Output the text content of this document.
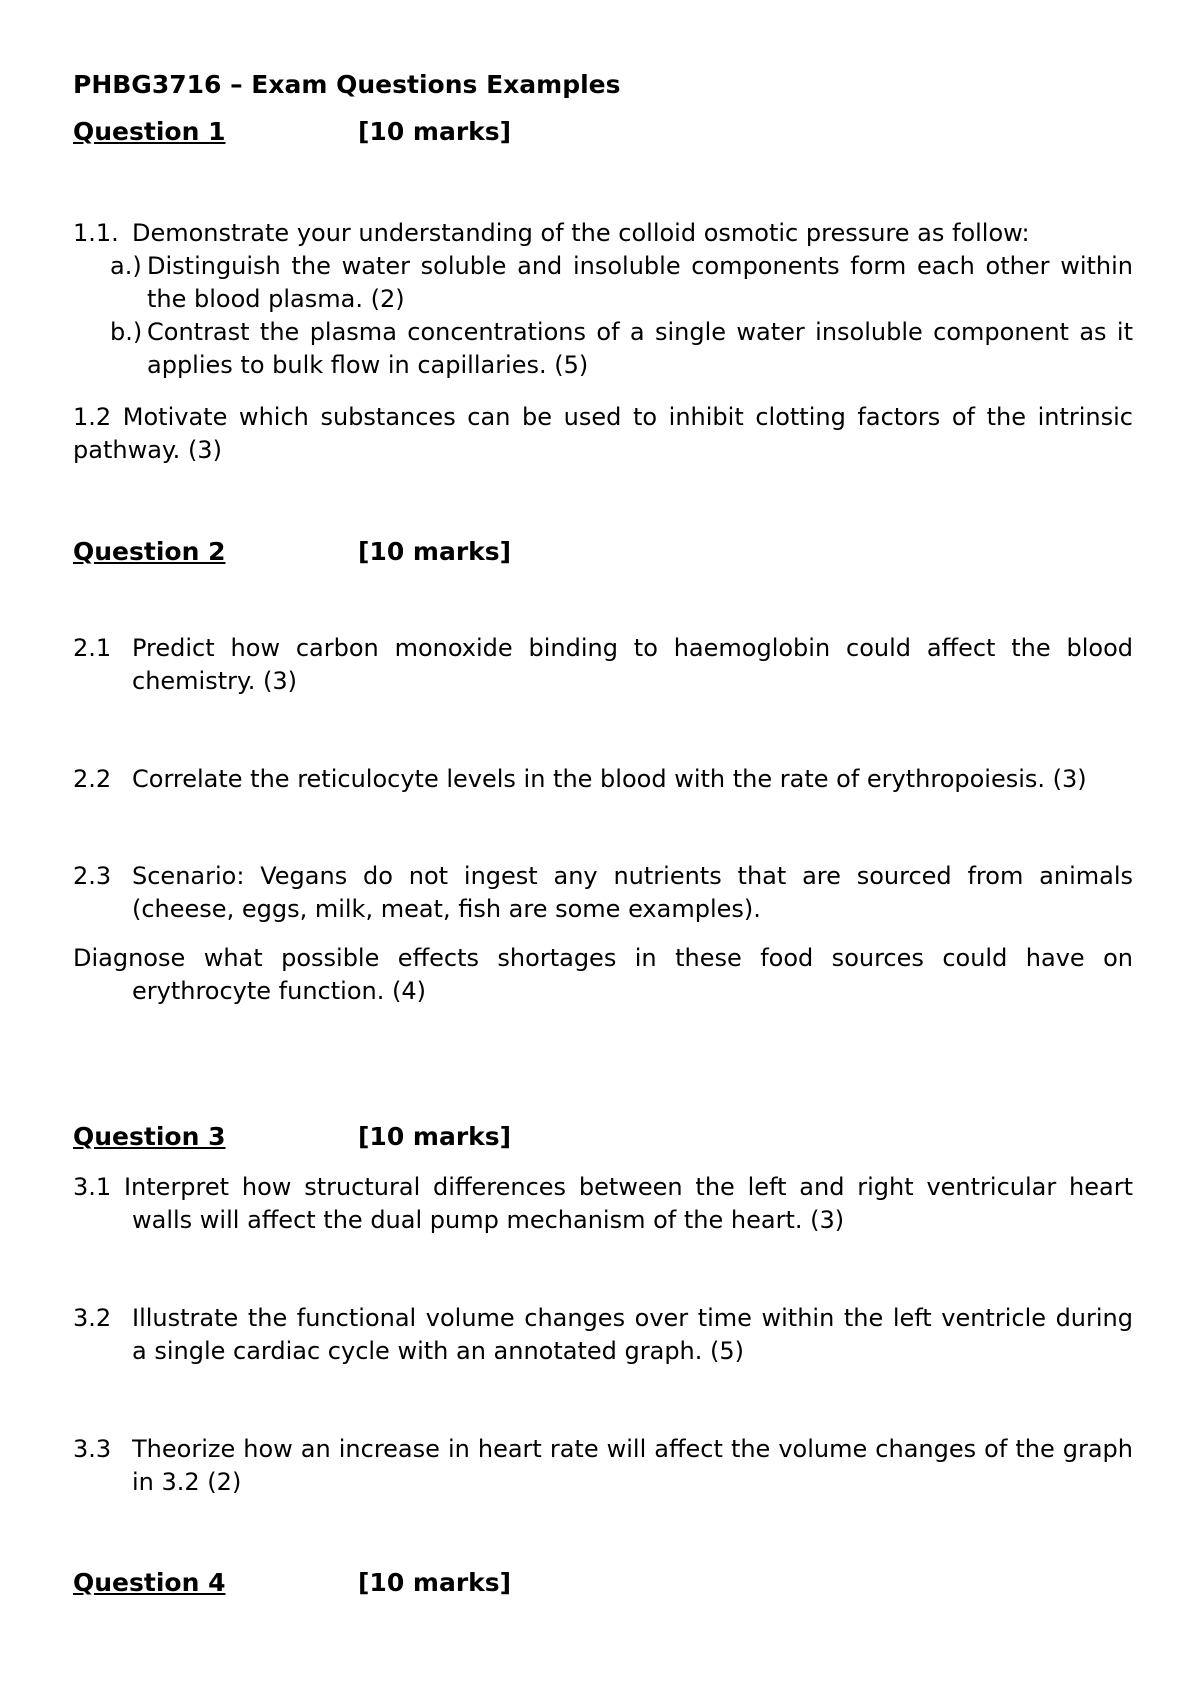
PHBG3716 – Exam Questions Examples
Question 1	[10 marks]
1.1. Demonstrate your understanding of the colloid osmotic pressure as follow:
a.) Distinguish the water soluble and insoluble components form each other within the blood plasma. (2)
b.) Contrast the plasma concentrations of a single water insoluble component as it applies to bulk flow in capillaries. (5)
1.2 Motivate which substances can be used to inhibit clotting factors of the intrinsic pathway. (3)
Question 2	[10 marks]
2.1 Predict how carbon monoxide binding to haemoglobin could affect the blood chemistry. (3)
2.2 Correlate the reticulocyte levels in the blood with the rate of erythropoiesis. (3)
2.3 Scenario: Vegans do not ingest any nutrients that are sourced from animals (cheese, eggs, milk, meat, fish are some examples).
Diagnose what possible effects shortages in these food sources could have on erythrocyte function. (4)
Question 3	[10 marks]
3.1 Interpret how structural differences between the left and right ventricular heart walls will affect the dual pump mechanism of the heart. (3)
3.2 Illustrate the functional volume changes over time within the left ventricle during a single cardiac cycle with an annotated graph. (5)
3.3 Theorize how an increase in heart rate will affect the volume changes of the graph in 3.2 (2)
Question 4	[10 marks]
